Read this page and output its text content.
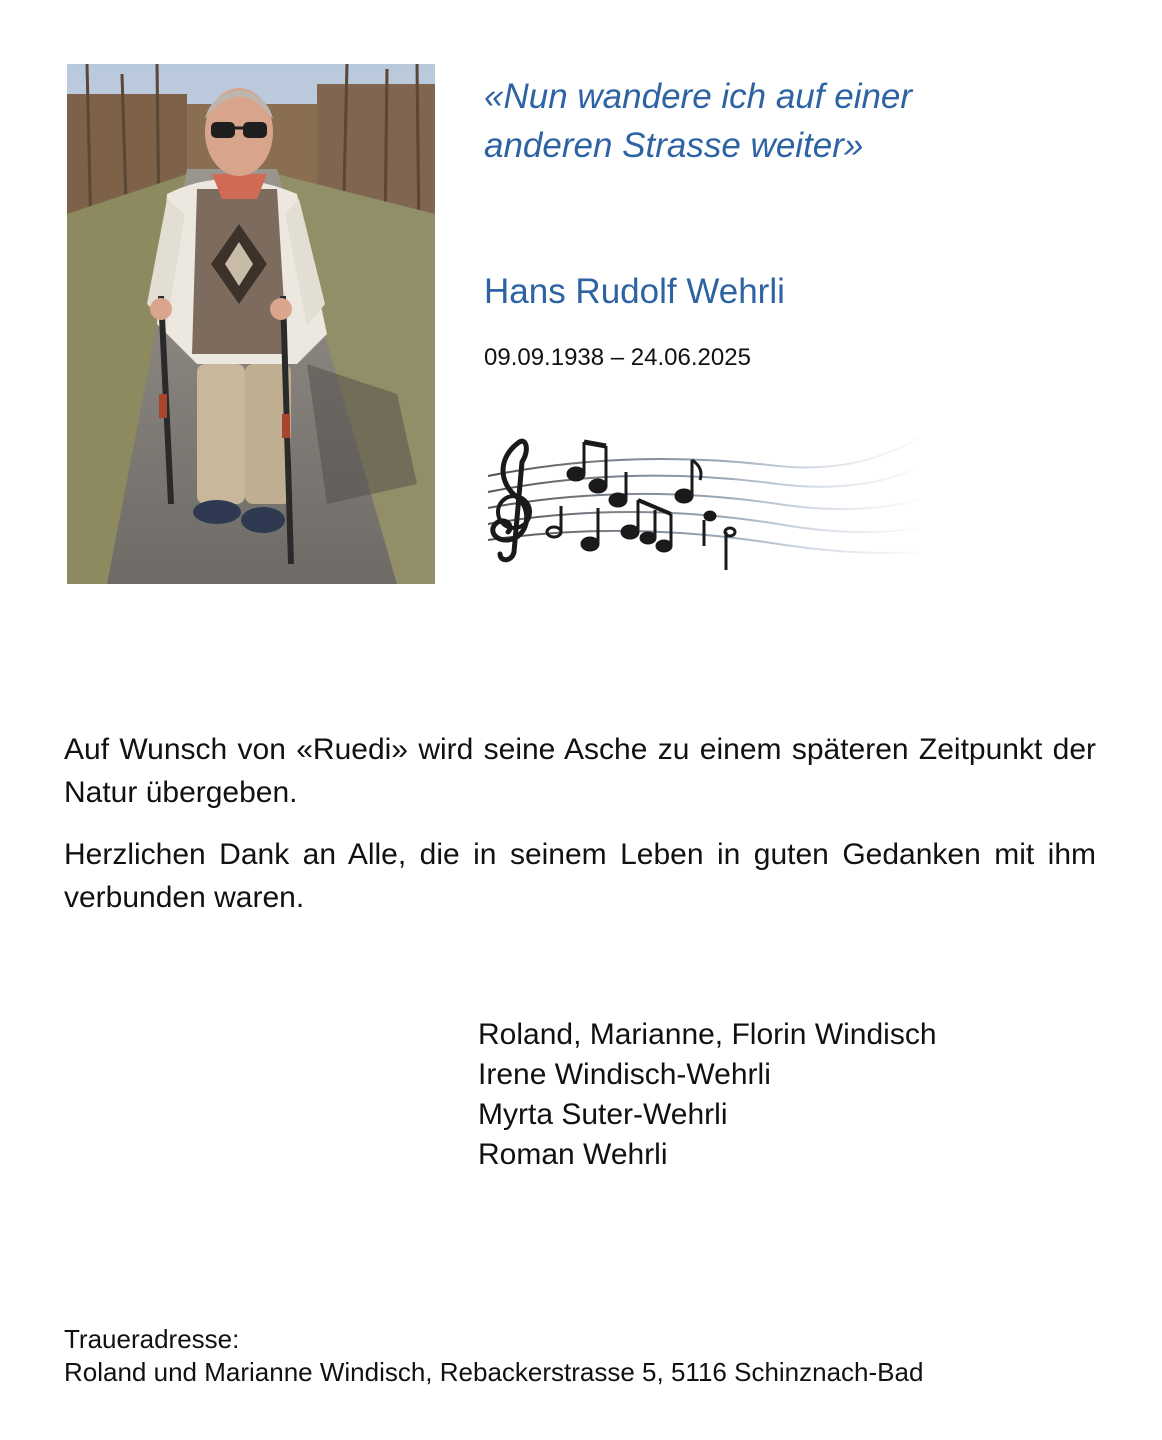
«Nun wandere ich auf einer
anderen Strasse weiter»
Hans Rudolf Wehrli
09.09.1938 – 24.06.2025

Auf Wunsch von «Ruedi» wird seine Asche zu einem späteren Zeitpunkt der Natur übergeben.

Herzlichen Dank an Alle, die in seinem Leben in guten Gedanken mit ihm verbunden waren.

Roland, Marianne, Florin Windisch
Irene Windisch-Wehrli
Myrta Suter-Wehrli
Roman Wehrli
Traueradresse:
Roland und Marianne Windisch, Rebackerstrasse 5, 5116 Schinznach-Bad
